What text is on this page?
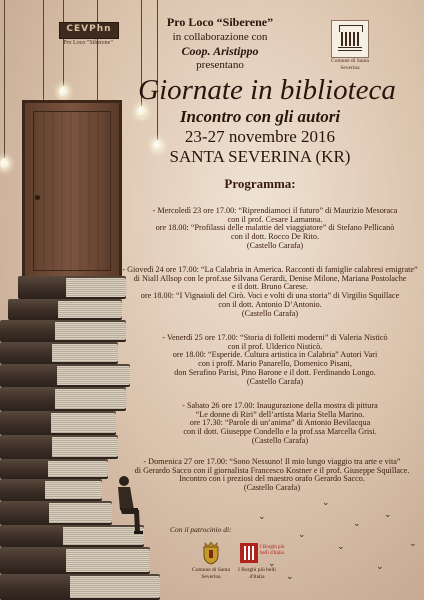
⌄
⌄
⌄	⌄
⌄
⌄
⌄
⌄
⌄
⌄
CEVPhn
Pro Loco "Siberene"
Comune di Santa Severina
Pro Loco “Siberene”
in collaborazione con
Coop. Aristippo
presentano
Giornate in biblioteca
Incontro con gli autori
23-27 novembre 2016
SANTA SEVERINA (KR)
Programma:
- Mercoledì 23 ore 17.00: “Riprendiamoci il futuro” di Maurizio Mesoraca
con il prof. Cesare Lamanna.
ore 18.00: “Profilassi delle malattie del viaggiatore” di Stefano Pellicanò
con il dott. Rocco De Rito.
(Castello Carafa)
- Giovedì 24 ore 17.00: “La Calabria in America. Racconti di famiglie calabresi emigrate”
di Niall Allsop con le prof.sse Silvana Gerardi, Denise Milone, Mariana Postolache
e il dott. Bruno Carese.
ore 18.00: “I Vignaioli del Cirò. Voci e volti di una storia” di Virgilio Squillace
con il dott. Antonio D’Antonio.
(Castello Carafa)
- Venerdì 25 ore 17.00: “Storia di folletti moderni” di Valeria Nisticò
con il prof. Ulderico Nisticò.
ore 18.00: “Esperide. Cultura artistica in Calabria” Autori Vari
con i proff. Mario Panarello, Domenico Pisani,
don Serafino Parisi, Pino Barone e il dott. Ferdinando Longo.
(Castello Carafa)
- Sabato 26 ore 17.00: Inaugurazione della mostra di pittura
“Le donne di Riri” dell’artista Maria Stella Marino.
ore 17.30: “Parole di un’anima” di Antonio Bevilacqua
con il dott. Giuseppe Condello e la prof.ssa Marcella Grisi.
(Castello Carafa)
- Domenica 27 ore 17.00: “Sono Nessuno! Il mio lungo viaggio tra arte e vita”
di Gerardo Sacco con il giornalista Francesco Kostner e il prof. Giuseppe Squillace.
Incontro con i preziosi del maestro orafo Gerardo Sacco.
(Castello Carafa)
Con il patrocinio di:
Comune di Santa Severina
I Borghi più belli d'Italia
I Borghi più belli d'Italia
